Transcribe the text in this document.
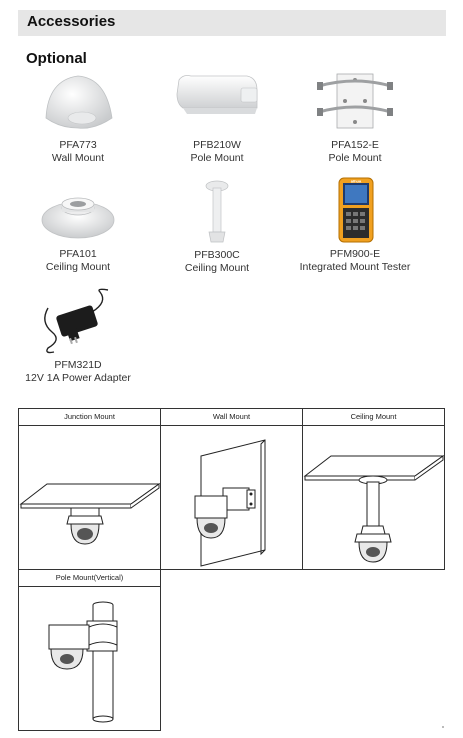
Accessories
Optional
PFA773
Wall Mount
PFB210W
Pole Mount
PFA152-E
Pole Mount
PFA101
Ceiling Mount
PFB300C
Ceiling Mount
alhua
PFM900-E
Integrated Mount Tester
PFM321D
12V 1A Power Adapter
Junction Mount	Wall Mount	Ceiling Mount
Pole Mount(Vertical)
